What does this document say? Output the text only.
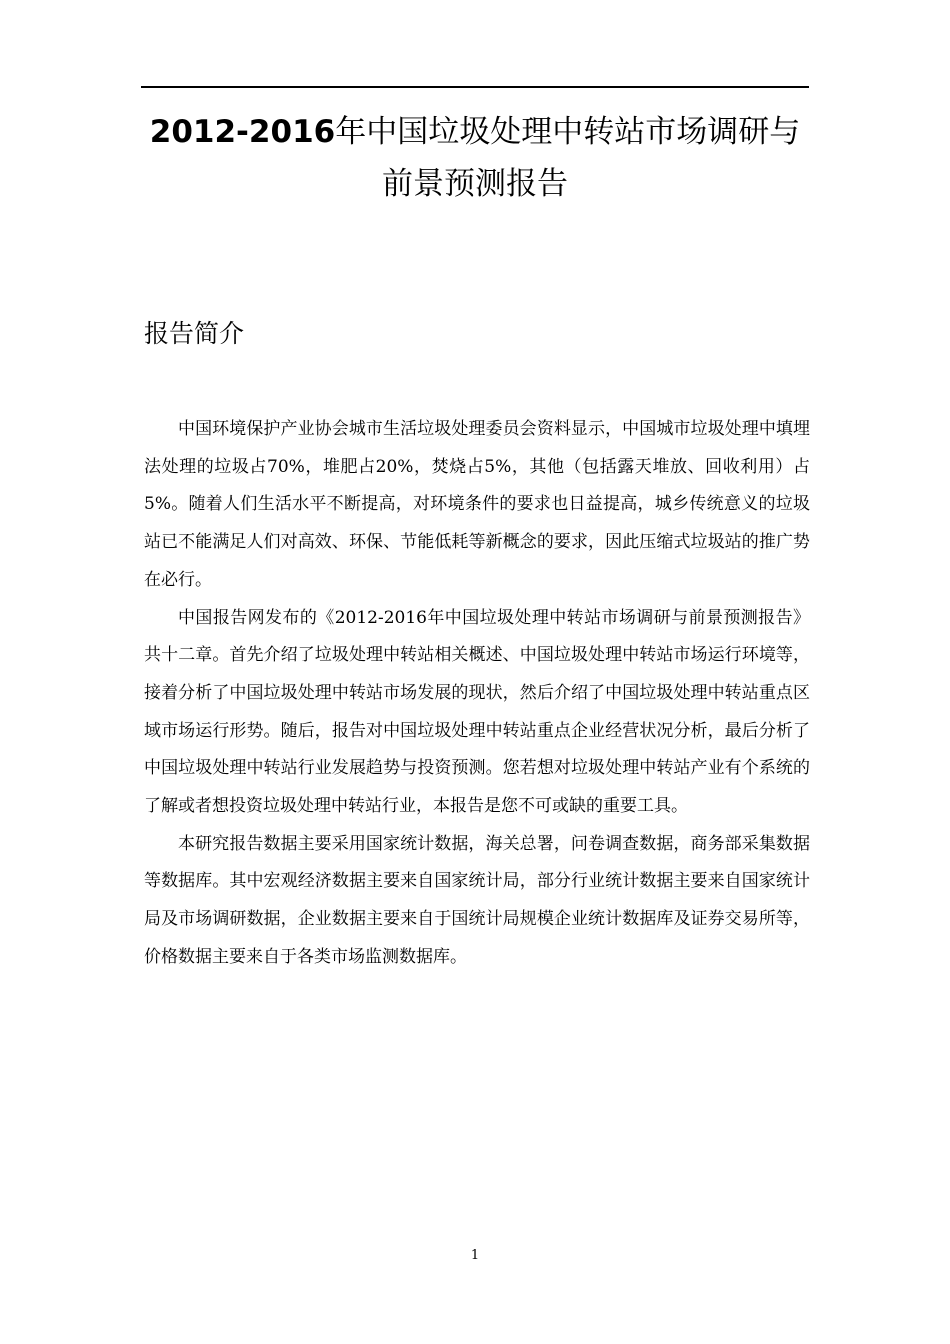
2012-2016年中国垃圾处理中转站市场调研与
前景预测报告
报告简介

中国环境保护产业协会城市生活垃圾处理委员会资料显示，中国城市垃圾处理中填埋法处理的垃圾占70%，堆肥占20%，焚烧占5%，其他（包括露天堆放、回收利用）占5%。随着人们生活水平不断提高，对环境条件的要求也日益提高，城乡传统意义的垃圾站已不能满足人们对高效、环保、节能低耗等新概念的要求，因此压缩式垃圾站的推广势在必行。

中国报告网发布的《2012-2016年中国垃圾处理中转站市场调研与前景预测报告》共十二章。首先介绍了垃圾处理中转站相关概述、中国垃圾处理中转站市场运行环境等，接着分析了中国垃圾处理中转站市场发展的现状，然后介绍了中国垃圾处理中转站重点区域市场运行形势。随后，报告对中国垃圾处理中转站重点企业经营状况分析，最后分析了中国垃圾处理中转站行业发展趋势与投资预测。您若想对垃圾处理中转站产业有个系统的了解或者想投资垃圾处理中转站行业，本报告是您不可或缺的重要工具。

本研究报告数据主要采用国家统计数据，海关总署，问卷调查数据，商务部采集数据等数据库。其中宏观经济数据主要来自国家统计局，部分行业统计数据主要来自国家统计局及市场调研数据，企业数据主要来自于国统计局规模企业统计数据库及证券交易所等，价格数据主要来自于各类市场监测数据库。

1
